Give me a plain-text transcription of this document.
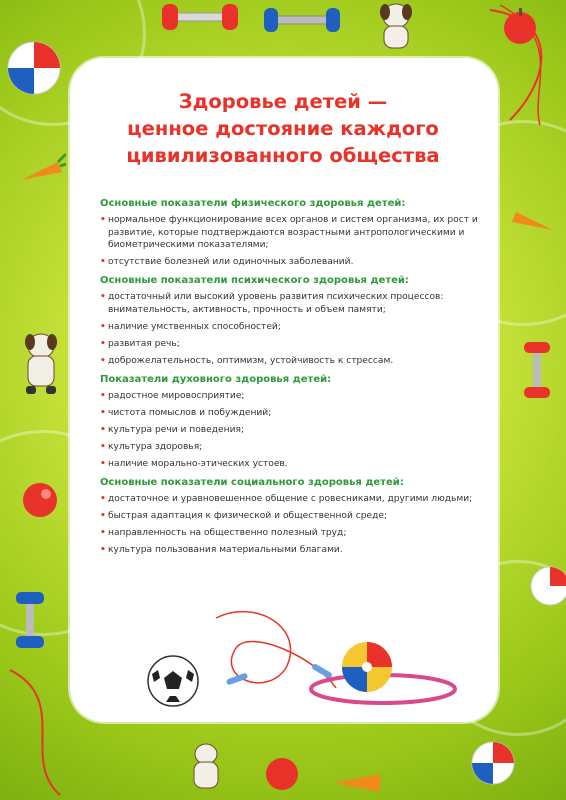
Здоровье детей —
ценное достояние каждого
цивилизованного общества
Основные показатели физического здоровья детей:
• нормальное функционирование всех органов и систем организма, их рост и развитие, которые подтверждаются возрастными антропологическими и биометрическими показателями;
• отсутствие болезней или одиночных заболеваний.
Основные показатели психического здоровья детей:
• достаточный или высокий уровень развития психических процессов: внимательность, активность, прочность и объем памяти;
• наличие умственных способностей;
• развитая речь;
• доброжелательность, оптимизм, устойчивость к стрессам.
Показатели духовного здоровья детей:
• радостное мировосприятие;
• чистота помыслов и побуждений;
• культура речи и поведения;
• культура здоровья;
• наличие морально-этических устоев.
Основные показатели социального здоровья детей:
• достаточное и уравновешенное общение с ровесниками, другими людьми;
• быстрая адаптация к физической и общественной среде;
• направленность на общественно полезный труд;
• культура пользования материальными благами.
